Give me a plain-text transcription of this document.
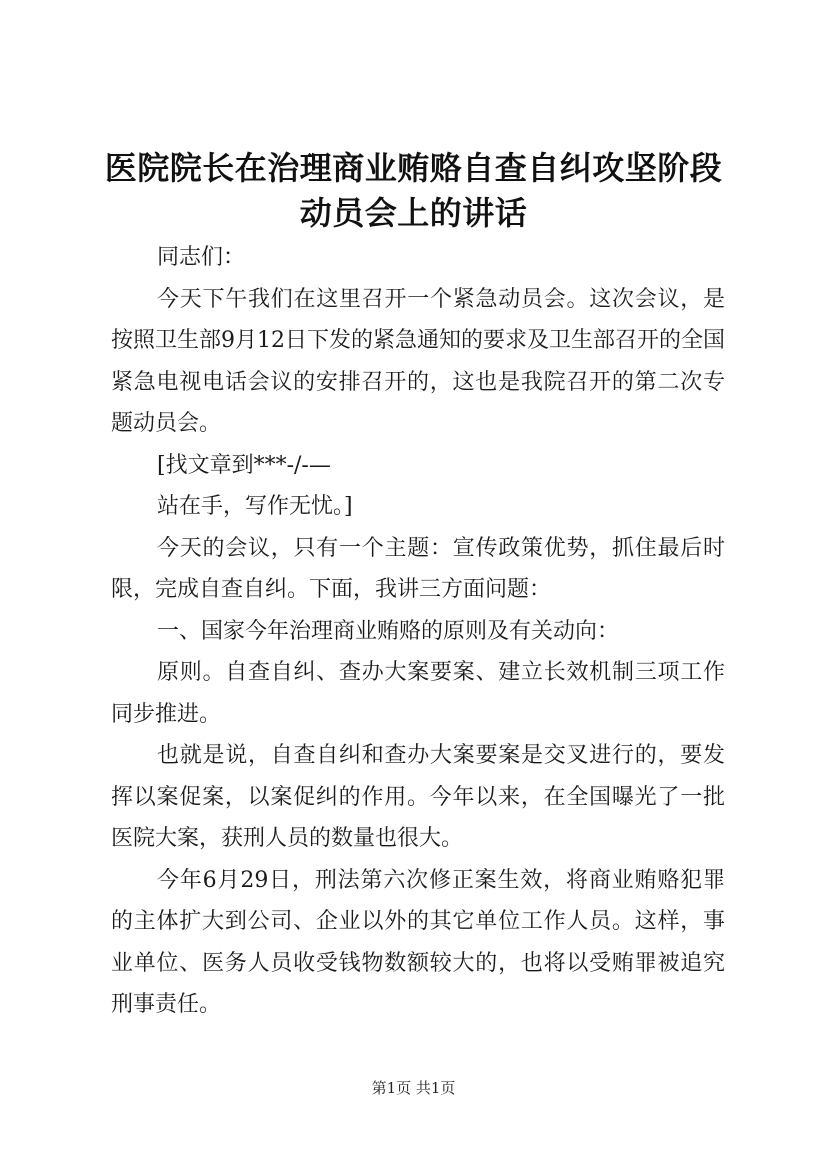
医院院长在治理商业贿赂自查自纠攻坚阶段动员会上的讲话

同志们：

今天下午我们在这里召开一个紧急动员会。这次会议，是按照卫生部9月12日下发的紧急通知的要求及卫生部召开的全国紧急电视电话会议的安排召开的，这也是我院召开的第二次专题动员会。

[找文章到***-/-—

站在手，写作无忧。]

今天的会议，只有一个主题：宣传政策优势，抓住最后时限，完成自查自纠。下面，我讲三方面问题：

一、国家今年治理商业贿赂的原则及有关动向：

原则。自查自纠、查办大案要案、建立长效机制三项工作同步推进。

也就是说，自查自纠和查办大案要案是交叉进行的，要发挥以案促案，以案促纠的作用。今年以来，在全国曝光了一批医院大案，获刑人员的数量也很大。

今年6月29日，刑法第六次修正案生效，将商业贿赂犯罪的主体扩大到公司、企业以外的其它单位工作人员。这样，事业单位、医务人员收受钱物数额较大的，也将以受贿罪被追究刑事责任。

第1页 共1页
